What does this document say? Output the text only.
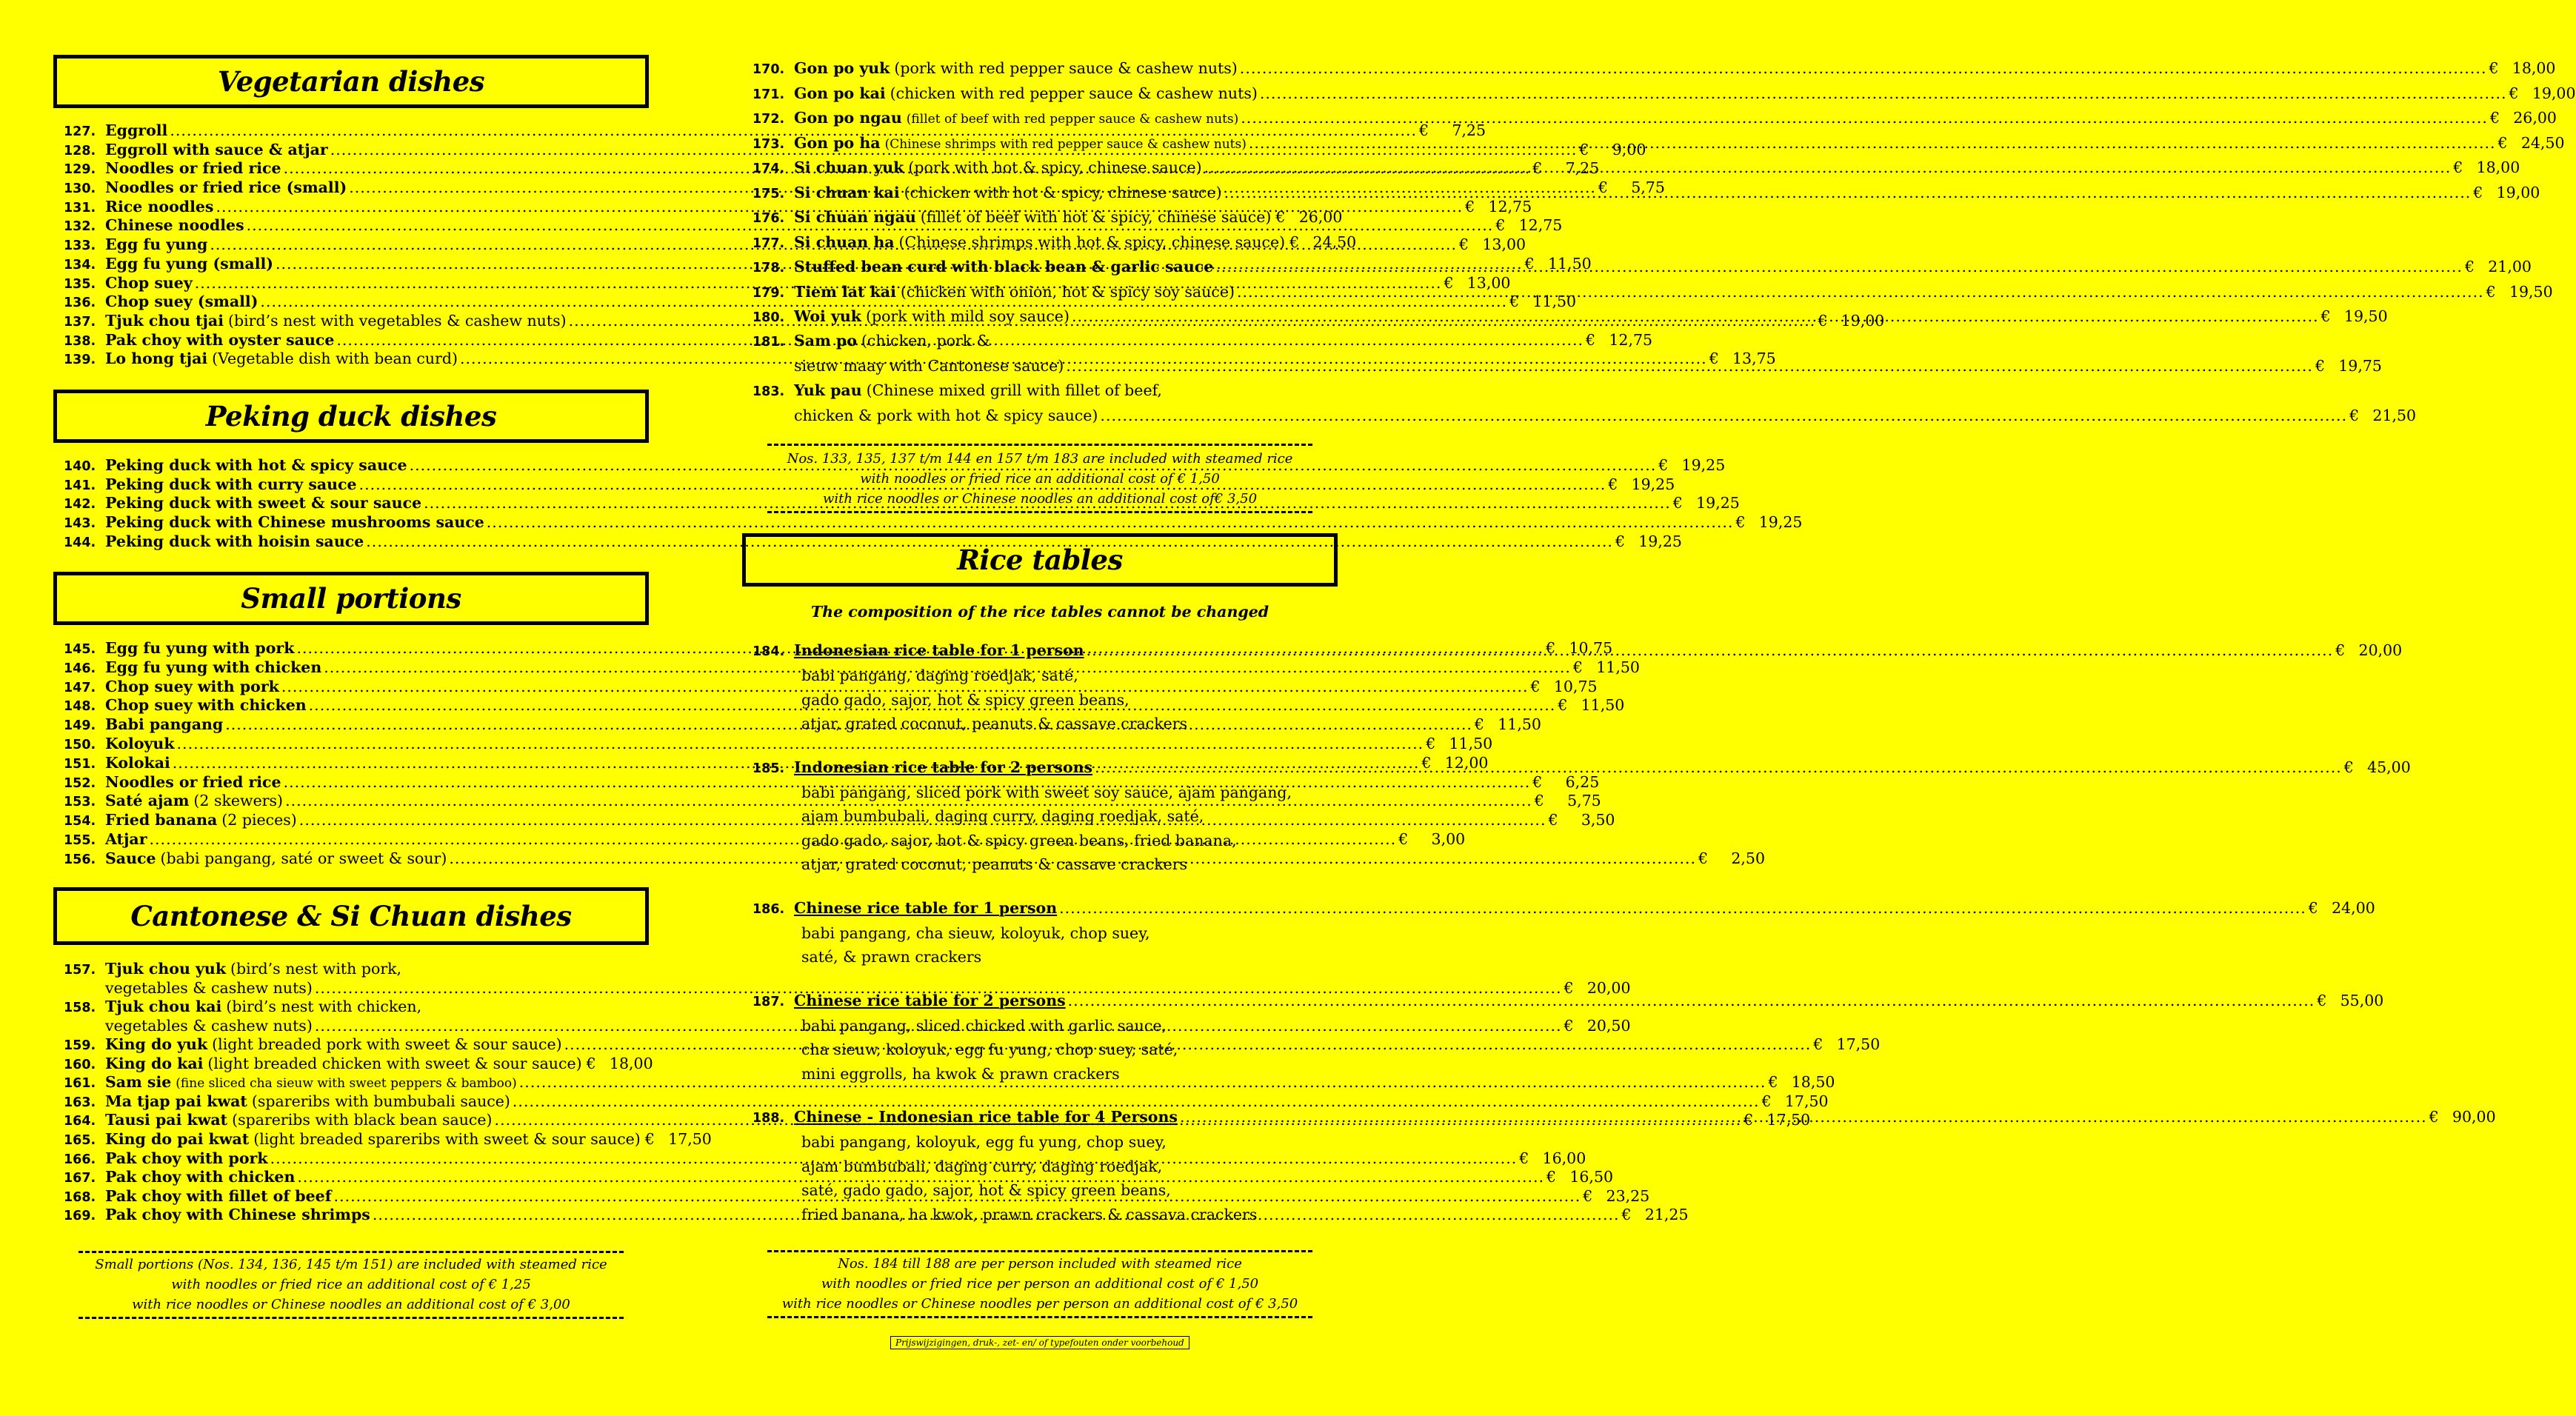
Vegetarian dishes
127. Eggroll .....	€	7,25
128. Eggroll with sauce & atjar .....	€	9,00
129. Noodles or fried rice .....	€	7,25
130. Noodles or fried rice (small) .....	€	5,75
131. Rice noodles .....	€ 12,75
132. Chinese noodles .....	€ 12,75
133. Egg fu yung .....	€ 13,00
134. Egg fu yung (small) .....	€ 11,50
135. Chop suey .....	€ 13,00
136. Chop suey (small) .....	€ 11,50
137. Tjuk chou tjai (bird’s nest with vegetables & cashew nuts) .....	€ 19,00
138. Pak choy with oyster sauce .....	€ 12,75
139. Lo hong tjai (Vegetable dish with bean curd) .....	€ 13,75
Peking duck dishes
140. Peking duck with hot & spicy sauce .....	€ 19,25
141. Peking duck with curry sauce .....	€ 19,25
142. Peking duck with sweet & sour sauce .....	€ 19,25
143. Peking duck with Chinese mushrooms sauce .....	€ 19,25
144. Peking duck with hoisin sauce .....	€ 19,25
Small portions
145. Egg fu yung with pork .....	€ 10,75
146. Egg fu yung with chicken .....	€ 11,50
147. Chop suey with pork .....	€ 10,75
148. Chop suey with chicken .....	€ 11,50
149. Babi pangang .....	€ 11,50
150. Koloyuk .....	€ 11,50
151. Kolokai .....	€ 12,00
152. Noodles or fried rice .....	€	6,25
153. Saté ajam (2 skewers) .....	€	5,75
154. Fried banana (2 pieces) .....	€	3,50
155. Atjar .....	€	3,00
156. Sauce (babi pangang, saté or sweet & sour) .....	€	2,50
Cantonese & Si Chuan dishes
157. Tjuk chou yuk (bird’s nest with pork,
vegetables & cashew nuts) .....	€ 20,00
158. Tjuk chou kai (bird’s nest with chicken,
vegetables & cashew nuts) .....	€ 20,50
159. King do yuk (light breaded pork with sweet & sour sauce) .....	€ 17,50
160. King do kai (light breaded chicken with sweet & sour sauce) € 18,00
161. Sam sie (fine sliced cha sieuw with sweet peppers & bamboo) .....	€ 18,50
163. Ma tjap pai kwat (spareribs with bumbubali sauce) .....	€ 17,50
164. Tausi pai kwat (spareribs with black bean sauce) .....	€ 17,50
165. King do pai kwat (light breaded spareribs with sweet & sour sauce) € 17,50
166. Pak choy with pork .....	€ 16,00
167. Pak choy with chicken .....	€ 16,50
168. Pak choy with fillet of beef .....	€ 23,25
169. Pak choy with Chinese shrimps .....	€ 21,25
Small portions (Nos. 134, 136, 145 t/m 151) are included with steamed rice
with noodles or fried rice an additional cost of € 1,25
with rice noodles or Chinese noodles an additional cost of € 3,00
170. Gon po yuk (pork with red pepper sauce & cashew nuts) .....	€ 18,00
171. Gon po kai (chicken with red pepper sauce & cashew nuts) .....	€ 19,00
172. Gon po ngau (fillet of beef with red pepper sauce & cashew nuts) .....	€ 26,00
173. Gon po ha (Chinese shrimps with red pepper sauce & cashew nuts) .....	€ 24,50
174. Si chuan yuk (pork with hot & spicy, chinese sauce) .....	€ 18,00
175. Si chuan kai (chicken with hot & spicy, chinese sauce) .....	€ 19,00
176. Si chuan ngau (fillet of beef with hot & spicy, chinese sauce) € 26,00
177. Si chuan ha (Chinese shrimps with hot & spicy, chinese sauce) € 24,50
178. Stuffed bean curd with black bean & garlic sauce .....	€ 21,00
179. Tiem lat kai (chicken with onion, hot & spicy soy sauce) .....	€ 19,50
180. Woi yuk (pork with mild soy sauce) .....	€ 19,50
181. Sam po (chicken, pork &
sieuw maay with Cantonese sauce) .....	€ 19,75
183. Yuk pau (Chinese mixed grill with fillet of beef,
chicken & pork with hot & spicy sauce) .....	€ 21,50
Nos. 133, 135, 137 t/m 144 en 157 t/m 183 are included with steamed rice
with noodles or fried rice an additional cost of € 1,50
with rice noodles or Chinese noodles an additional cost of€ 3,50
Rice tables
The composition of the rice tables cannot be changed
184. Indonesian rice table for 1 person .....	€ 20,00
babi pangang, daging roedjak, saté,
gado gado, sajor, hot & spicy green beans,
atjar, grated coconut, peanuts & cassave crackers
185. Indonesian rice table for 2 persons .....	€ 45,00
babi pangang, sliced pork with sweet soy sauce, ajam pangang,
ajam bumbubali, daging curry, daging roedjak, saté,
gado gado, sajor, hot & spicy green beans, fried banana,
atjar, grated coconut, peanuts & cassave crackers
186. Chinese rice table for 1 person .....	€ 24,00
babi pangang, cha sieuw, koloyuk, chop suey,
saté, & prawn crackers
187. Chinese rice table for 2 persons .....	€ 55,00
babi pangang, sliced chicked with garlic sauce,
cha sieuw, koloyuk, egg fu yung, chop suey, saté,
mini eggrolls, ha kwok & prawn crackers
188. Chinese - Indonesian rice table for 4 Persons .....	€ 90,00
babi pangang, koloyuk, egg fu yung, chop suey,
ajam bumbubali, daging curry, daging roedjak,
saté, gado gado, sajor, hot & spicy green beans,
fried banana, ha kwok, prawn crackers & cassava crackers
Nos. 184 till 188 are per person included with steamed rice
with noodles or fried rice per person an additional cost of € 1,50
with rice noodles or Chinese noodles per person an additional cost of € 3,50
Prijswijzigingen, druk-, zet- en/ of typefouten onder voorbehoud
